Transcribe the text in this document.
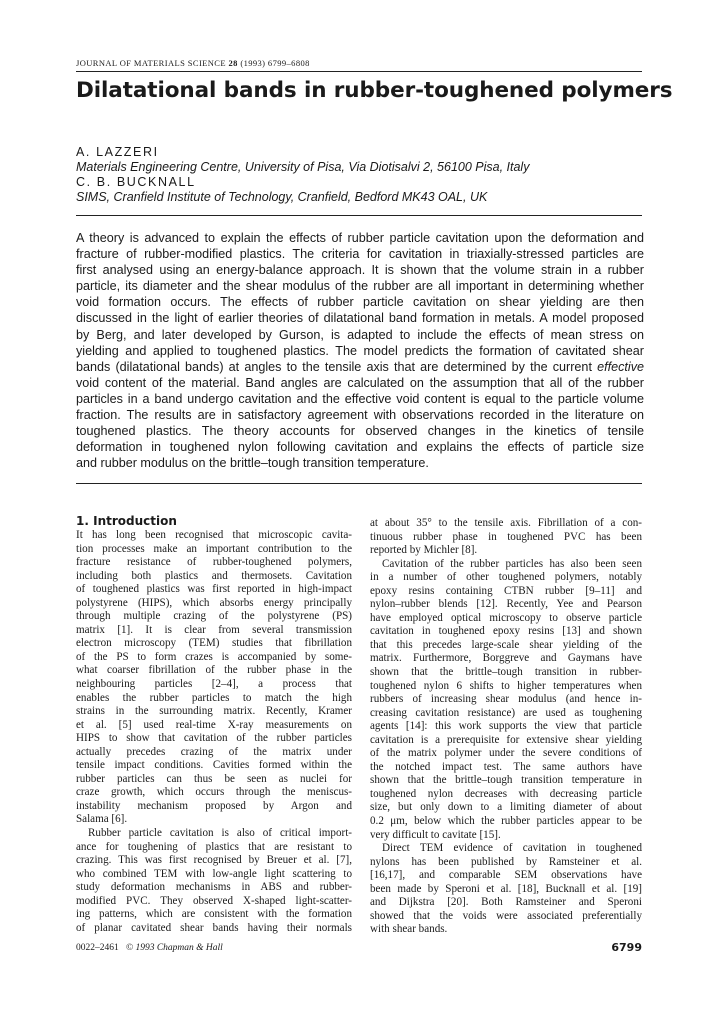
JOURNAL OF MATERIALS SCIENCE 28 (1993) 6799–6808
Dilatational bands in rubber-toughened polymers
A. LAZZERI
Materials Engineering Centre, University of Pisa, Via Diotisalvi 2, 56100 Pisa, Italy
C. B. BUCKNALL
SIMS, Cranfield Institute of Technology, Cranfield, Bedford MK43 OAL, UK
A theory is advanced to explain the effects of rubber particle cavitation upon the deformation and
fracture of rubber-modified plastics. The criteria for cavitation in triaxially-stressed particles are
first analysed using an energy-balance approach. It is shown that the volume strain in a rubber
particle, its diameter and the shear modulus of the rubber are all important in determining whether
void formation occurs. The effects of rubber particle cavitation on shear yielding are then
discussed in the light of earlier theories of dilatational band formation in metals. A model proposed
by Berg, and later developed by Gurson, is adapted to include the effects of mean stress on
yielding and applied to toughened plastics. The model predicts the formation of cavitated shear
bands (dilatational bands) at angles to the tensile axis that are determined by the current effective
void content of the material. Band angles are calculated on the assumption that all of the rubber
particles in a band undergo cavitation and the effective void content is equal to the particle volume
fraction. The results are in satisfactory agreement with observations recorded in the literature on
toughened plastics. The theory accounts for observed changes in the kinetics of tensile
deformation in toughened nylon following cavitation and explains the effects of particle size
and rubber modulus on the brittle–tough transition temperature.
1. Introduction
It has long been recognised that microscopic cavita-
tion processes make an important contribution to the
fracture resistance of rubber-toughened polymers,
including both plastics and thermosets. Cavitation
of toughened plastics was first reported in high-impact
polystyrene (HIPS), which absorbs energy principally
through multiple crazing of the polystyrene (PS)
matrix [1]. It is clear from several transmission
electron microscopy (TEM) studies that fibrillation
of the PS to form crazes is accompanied by some-
what coarser fibrillation of the rubber phase in the
neighbouring particles [2–4], a process that
enables the rubber particles to match the high
strains in the surrounding matrix. Recently, Kramer
et al. [5] used real-time X-ray measurements on
HIPS to show that cavitation of the rubber particles
actually precedes crazing of the matrix under
tensile impact conditions. Cavities formed within the
rubber particles can thus be seen as nuclei for
craze growth, which occurs through the meniscus-
instability mechanism proposed by Argon and
Salama [6].
Rubber particle cavitation is also of critical import-
ance for toughening of plastics that are resistant to
crazing. This was first recognised by Breuer et al. [7],
who combined TEM with low-angle light scattering to
study deformation mechanisms in ABS and rubber-
modified PVC. They observed X-shaped light-scatter-
ing patterns, which are consistent with the formation
of planar cavitated shear bands having their normals
at about 35° to the tensile axis. Fibrillation of a con-
tinuous rubber phase in toughened PVC has been
reported by Michler [8].
Cavitation of the rubber particles has also been seen
in a number of other toughened polymers, notably
epoxy resins containing CTBN rubber [9–11] and
nylon–rubber blends [12]. Recently, Yee and Pearson
have employed optical microscopy to observe particle
cavitation in toughened epoxy resins [13] and shown
that this precedes large-scale shear yielding of the
matrix. Furthermore, Borggreve and Gaymans have
shown that the brittle–tough transition in rubber-
toughened nylon 6 shifts to higher temperatures when
rubbers of increasing shear modulus (and hence in-
creasing cavitation resistance) are used as toughening
agents [14]: this work supports the view that particle
cavitation is a prerequisite for extensive shear yielding
of the matrix polymer under the severe conditions of
the notched impact test. The same authors have
shown that the brittle–tough transition temperature in
toughened nylon decreases with decreasing particle
size, but only down to a limiting diameter of about
0.2 μm, below which the rubber particles appear to be
very difficult to cavitate [15].
Direct TEM evidence of cavitation in toughened
nylons has been published by Ramsteiner et al.
[16,17], and comparable SEM observations have
been made by Speroni et al. [18], Bucknall et al. [19]
and Dijkstra [20]. Both Ramsteiner and Speroni
showed that the voids were associated preferentially
with shear bands.
0022–2461 © 1993 Chapman & Hall	6799
